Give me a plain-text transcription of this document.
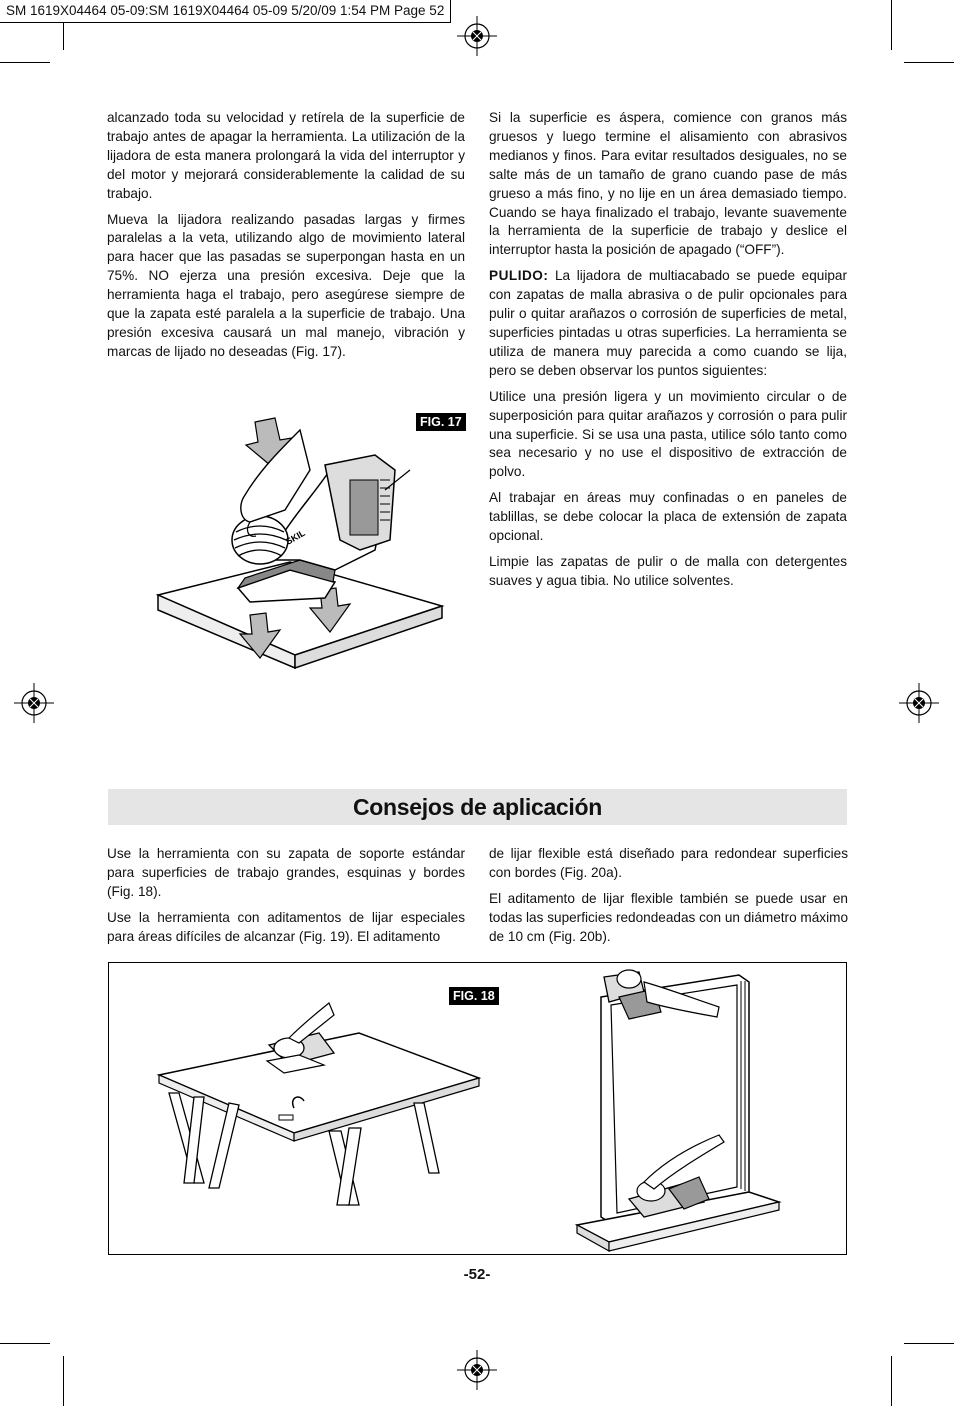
SM 1619X04464 05-09:SM 1619X04464 05-09 5/20/09 1:54 PM Page 52

alcanzado toda su velocidad y retírela de la superficie de trabajo antes de apagar la herramienta. La utilización de la lijadora de esta manera prolongará la vida del interruptor y del motor y mejorará considerablemente la calidad de su trabajo.

Mueva la lijadora realizando pasadas largas y firmes paralelas a la veta, utilizando algo de movimiento lateral para hacer que las pasadas se superpongan hasta en un 75%. NO ejerza una presión excesiva. Deje que la herramienta haga el trabajo, pero asegúrese siempre de que la zapata esté paralela a la superficie de trabajo. Una presión excesiva causará un mal manejo, vibración y marcas de lijado no deseadas (Fig. 17).

Si la superficie es áspera, comience con granos más gruesos y luego termine el alisamiento con abrasivos medianos y finos. Para evitar resultados desiguales, no se salte más de un tamaño de grano cuando pase de más grueso a más fino, y no lije en un área demasiado tiempo. Cuando se haya finalizado el trabajo, levante suavemente la herramienta de la superficie de trabajo y deslice el interruptor hasta la posición de apagado (“OFF”).

PULIDO: La lijadora de multiacabado se puede equipar con zapatas de malla abrasiva o de pulir opcionales para pulir o quitar arañazos o corrosión de superficies de metal, superficies pintadas u otras superficies. La herramienta se utiliza de manera muy parecida a como cuando se lija, pero se deben observar los puntos siguientes:

Utilice una presión ligera y un movimiento circular o de superposición para quitar arañazos y corrosión o para pulir una superficie. Si se usa una pasta, utilice sólo tanto como sea necesario y no use el dispositivo de extracción de polvo.

Al trabajar en áreas muy confinadas o en paneles de tablillas, se debe colocar la placa de extensión de zapata opcional.

Limpie las zapatas de pulir o de malla con detergentes suaves y agua tibia. No utilice solventes.

FIG. 17
SKIL
Consejos de aplicación

Use la herramienta con su zapata de soporte estándar para superficies de trabajo grandes, esquinas y bordes (Fig. 18).

Use la herramienta con aditamentos de lijar especiales para áreas difíciles de alcanzar (Fig. 19). El aditamento

de lijar flexible está diseñado para redondear superficies con bordes (Fig. 20a).

El aditamento de lijar flexible también se puede usar en todas las superficies redondeadas con un diámetro máximo de 10 cm (Fig. 20b).

FIG. 18
-52-
